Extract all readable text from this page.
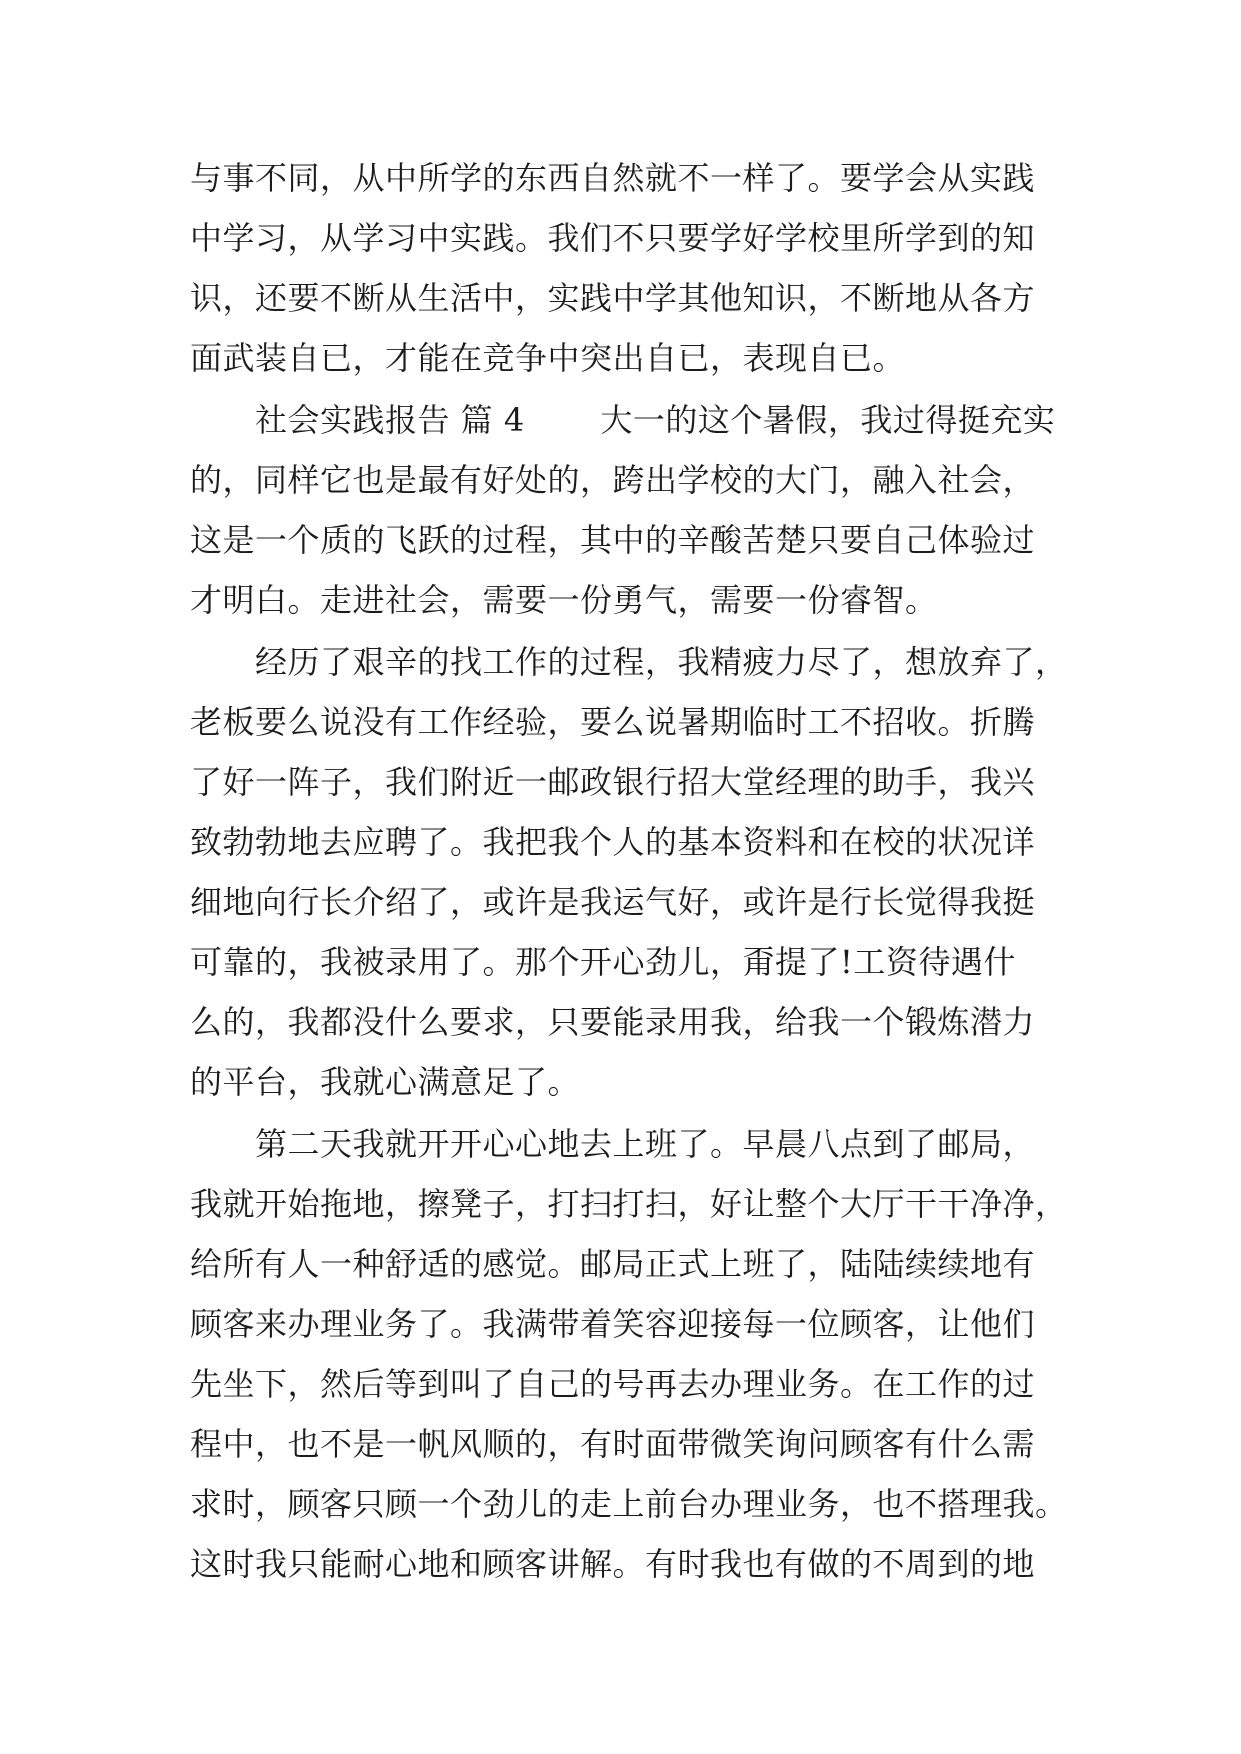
与事不同，从中所学的东西自然就不一样了。要学会从实践
中学习，从学习中实践。我们不只要学好学校里所学到的知
识，还要不断从生活中，实践中学其他知识，不断地从各方
面武装自已，才能在竞争中突出自已，表现自已。
　　社会实践报告 篇 4　　 大一的这个暑假，我过得挺充实
的，同样它也是最有好处的，跨出学校的大门，融入社会，
这是一个质的飞跃的过程，其中的辛酸苦楚只要自己体验过
才明白。走进社会，需要一份勇气，需要一份睿智。
　　经历了艰辛的找工作的过程，我精疲力尽了，想放弃了，
老板要么说没有工作经验，要么说暑期临时工不招收。折腾
了好一阵子，我们附近一邮政银行招大堂经理的助手，我兴
致勃勃地去应聘了。我把我个人的基本资料和在校的状况详
细地向行长介绍了，或许是我运气好，或许是行长觉得我挺
可靠的，我被录用了。那个开心劲儿，甭提了!工资待遇什
么的，我都没什么要求，只要能录用我，给我一个锻炼潜力
的平台，我就心满意足了。
　　第二天我就开开心心地去上班了。早晨八点到了邮局，
我就开始拖地，擦凳子，打扫打扫，好让整个大厅干干净净，
给所有人一种舒适的感觉。邮局正式上班了，陆陆续续地有
顾客来办理业务了。我满带着笑容迎接每一位顾客，让他们
先坐下，然后等到叫了自己的号再去办理业务。在工作的过
程中，也不是一帆风顺的，有时面带微笑询问顾客有什么需
求时，顾客只顾一个劲儿的走上前台办理业务，也不搭理我。
这时我只能耐心地和顾客讲解。有时我也有做的不周到的地
